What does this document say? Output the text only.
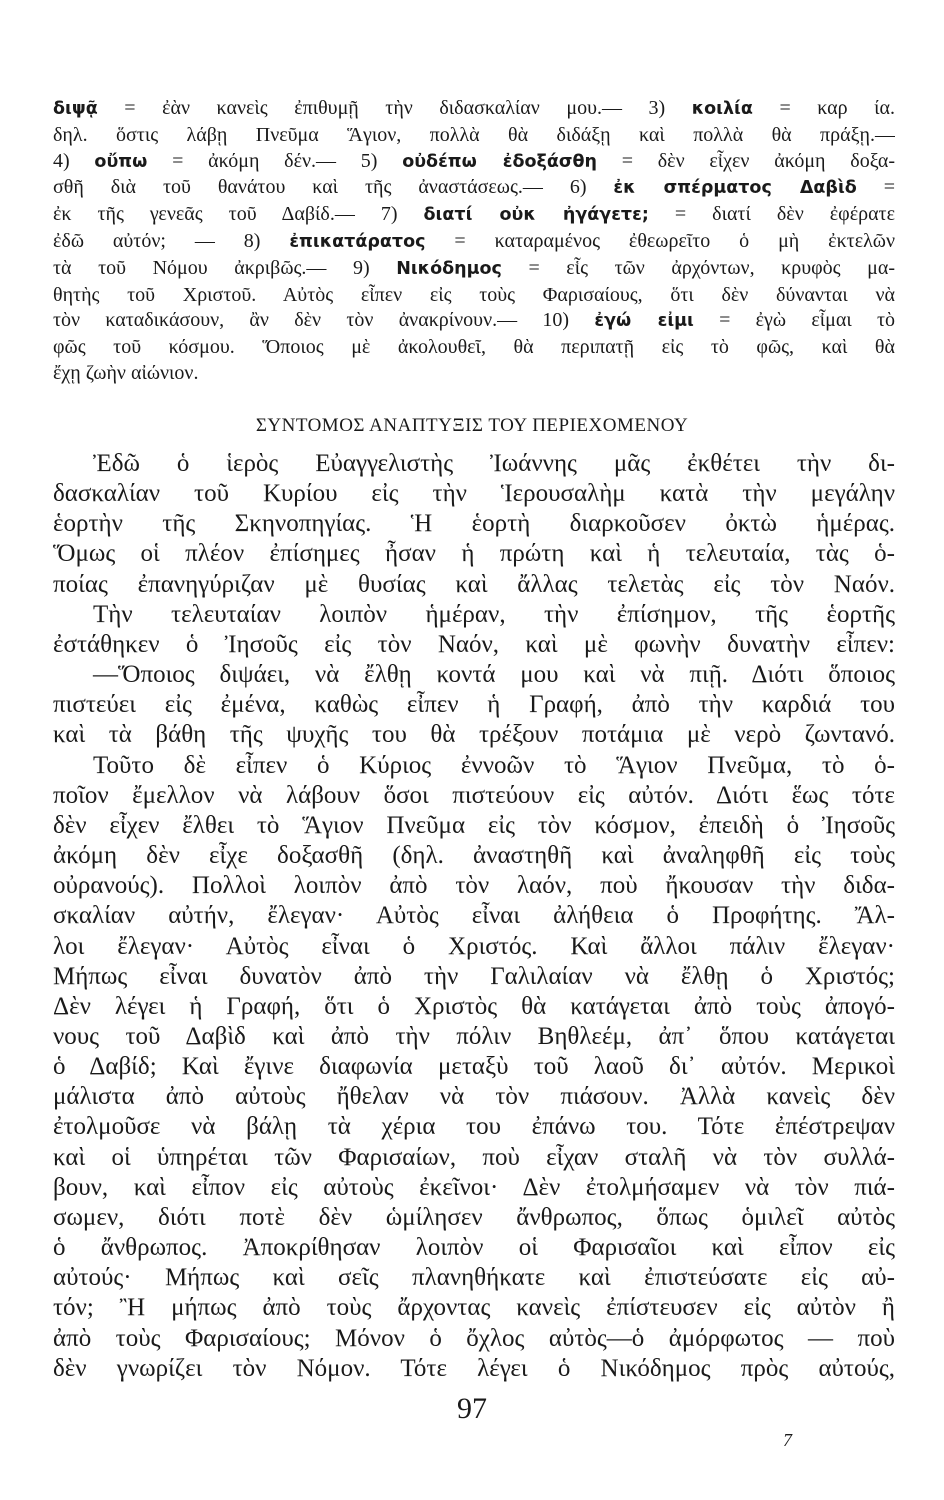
διψᾷ = ἐὰν κανεὶς ἐπιθυμῇ τὴν διδασκαλίαν μου.— 3) κοιλία = καρ ία.
δηλ. ὅστις λάβῃ Πνεῦμα Ἅγιον, πολλὰ θὰ διδάξῃ καὶ πολλὰ θὰ πράξῃ.—
4) οὔπω = ἀκόμη δέν.— 5) οὐδέπω ἐδοξάσθη = δὲν εἶχεν ἀκόμη δοξα-
σθῆ διὰ τοῦ θανάτου καὶ τῆς ἀναστάσεως.— 6) ἐκ σπέρματος Δαβὶδ =
ἐκ τῆς γενεᾶς τοῦ Δαβίδ.— 7) διατί οὐκ ἠγάγετε; = διατί δὲν ἐφέρατε
ἐδῶ αὐτόν; — 8) ἐπικατάρατος = καταραμένος ἐθεωρεῖτο ὁ μὴ ἐκτελῶν
τὰ τοῦ Νόμου ἀκριβῶς.— 9) Νικόδημος = εἷς τῶν ἀρχόντων, κρυφὸς μα-
θητὴς τοῦ Χριστοῦ. Αὐτὸς εἶπεν εἰς τοὺς Φαρισαίους, ὅτι δὲν δύνανται νὰ
τὸν καταδικάσουν, ἂν δὲν τὸν ἀνακρίνουν.— 10) ἐγώ εἰμι = ἐγὼ εἶμαι τὸ
φῶς τοῦ κόσμου. Ὅποιος μὲ ἀκολουθεῖ, θὰ περιπατῇ εἰς τὸ φῶς, καὶ θὰ
ἔχῃ ζωὴν αἰώνιον.
ΣΥΝΤΟΜΟΣ ΑΝΑΠΤΥΞΙΣ ΤΟΥ ΠΕΡΙΕΧΟΜΕΝΟΥ
Ἐδῶ ὁ ἱερὸς Εὐαγγελιστὴς Ἰωάννης μᾶς ἐκθέτει τὴν δι-
δασκαλίαν τοῦ Κυρίου εἰς τὴν Ἱερουσαλὴμ κατὰ τὴν μεγάλην
ἑορτὴν τῆς Σκηνοπηγίας. Ἡ ἑορτὴ διαρκοῦσεν ὀκτὼ ἡμέρας.
Ὅμως οἱ πλέον ἐπίσημες ἦσαν ἡ πρώτη καὶ ἡ τελευταία, τὰς ὁ-
ποίας ἐπανηγύριζαν μὲ θυσίας καὶ ἄλλας τελετὰς εἰς τὸν Ναόν.
Τὴν τελευταίαν λοιπὸν ἡμέραν, τὴν ἐπίσημον, τῆς ἑορτῆς
ἐστάθηκεν ὁ Ἰησοῦς εἰς τὸν Ναόν, καὶ μὲ φωνὴν δυνατὴν εἶπεν:
—Ὅποιος διψάει, νὰ ἔλθῃ κοντά μου καὶ νὰ πιῇ. Διότι ὅποιος
πιστεύει εἰς ἐμένα, καθὼς εἶπεν ἡ Γραφή, ἀπὸ τὴν καρδιά του
καὶ τὰ βάθη τῆς ψυχῆς του θὰ τρέξουν ποτάμια μὲ νερὸ ζωντανό.
Τοῦτο δὲ εἶπεν ὁ Κύριος ἐννοῶν τὸ Ἅγιον Πνεῦμα, τὸ ὁ-
ποῖον ἔμελλον νὰ λάβουν ὅσοι πιστεύουν εἰς αὐτόν. Διότι ἕως τότε
δὲν εἶχεν ἔλθει τὸ Ἅγιον Πνεῦμα εἰς τὸν κόσμον, ἐπειδὴ ὁ Ἰησοῦς
ἀκόμη δὲν εἶχε δοξασθῆ (δηλ. ἀναστηθῆ καὶ ἀναληφθῆ εἰς τοὺς
οὐρανούς). Πολλοὶ λοιπὸν ἀπὸ τὸν λαόν, ποὺ ἤκουσαν τὴν διδα-
σκαλίαν αὐτήν, ἔλεγαν· Αὐτὸς εἶναι ἀλήθεια ὁ Προφήτης. Ἄλ-
λοι ἔλεγαν· Αὐτὸς εἶναι ὁ Χριστός. Καὶ ἄλλοι πάλιν ἔλεγαν·
Μήπως εἶναι δυνατὸν ἀπὸ τὴν Γαλιλαίαν νὰ ἔλθῃ ὁ Χριστός;
Δὲν λέγει ἡ Γραφή, ὅτι ὁ Χριστὸς θὰ κατάγεται ἀπὸ τοὺς ἀπογό-
νους τοῦ Δαβὶδ καὶ ἀπὸ τὴν πόλιν Βηθλεέμ, ἀπ᾿ ὅπου κατάγεται
ὁ Δαβίδ; Καὶ ἔγινε διαφωνία μεταξὺ τοῦ λαοῦ δι᾿ αὐτόν. Μερικοὶ
μάλιστα ἀπὸ αὐτοὺς ἤθελαν νὰ τὸν πιάσουν. Ἀλλὰ κανεὶς δὲν
ἐτολμοῦσε νὰ βάλῃ τὰ χέρια του ἐπάνω του. Τότε ἐπέστρεψαν
καὶ οἱ ὑπηρέται τῶν Φαρισαίων, ποὺ εἶχαν σταλῆ νὰ τὸν συλλά-
βουν, καὶ εἶπον εἰς αὐτοὺς ἐκεῖνοι· Δὲν ἐτολμήσαμεν νὰ τὸν πιά-
σωμεν, διότι ποτὲ δὲν ὡμίλησεν ἄνθρωπος, ὅπως ὁμιλεῖ αὐτὸς
ὁ ἄνθρωπος. Ἀποκρίθησαν λοιπὸν οἱ Φαρισαῖοι καὶ εἶπον εἰς
αὐτούς· Μήπως καὶ σεῖς πλανηθήκατε καὶ ἐπιστεύσατε εἰς αὐ-
τόν; Ἢ μήπως ἀπὸ τοὺς ἄρχοντας κανεὶς ἐπίστευσεν εἰς αὐτὸν ἢ
ἀπὸ τοὺς Φαρισαίους; Μόνον ὁ ὄχλος αὐτὸς—ὁ ἀμόρφωτος — ποὺ
δὲν γνωρίζει τὸν Νόμον. Τότε λέγει ὁ Νικόδημος πρὸς αὐτούς,
97
7
